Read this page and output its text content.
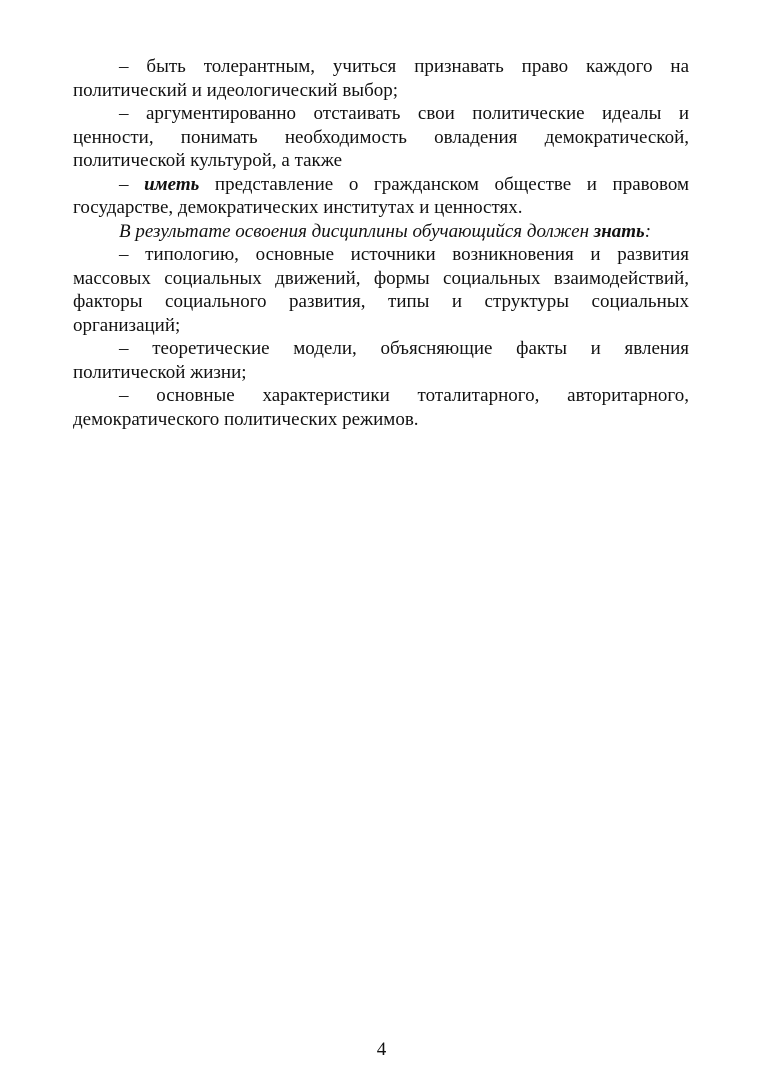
– быть толерантным, учиться признавать право каждого на политический и идеологический выбор;

– аргументированно отстаивать свои политические идеалы и ценности, понимать необходимость овладения демократической, политической культурой, а также

– иметь представление о гражданском обществе и правовом государстве, демократических институтах и ценностях.

В результате освоения дисциплины обучающийся должен знать:

– типологию, основные источники возникновения и развития массовых социальных движений, формы социальных взаимодействий, факторы социального развития, типы и структуры социальных организаций;

– теоретические модели, объясняющие факты и явления политической жизни;

– основные характеристики тоталитарного, авторитарного, демократического политических режимов.

4
